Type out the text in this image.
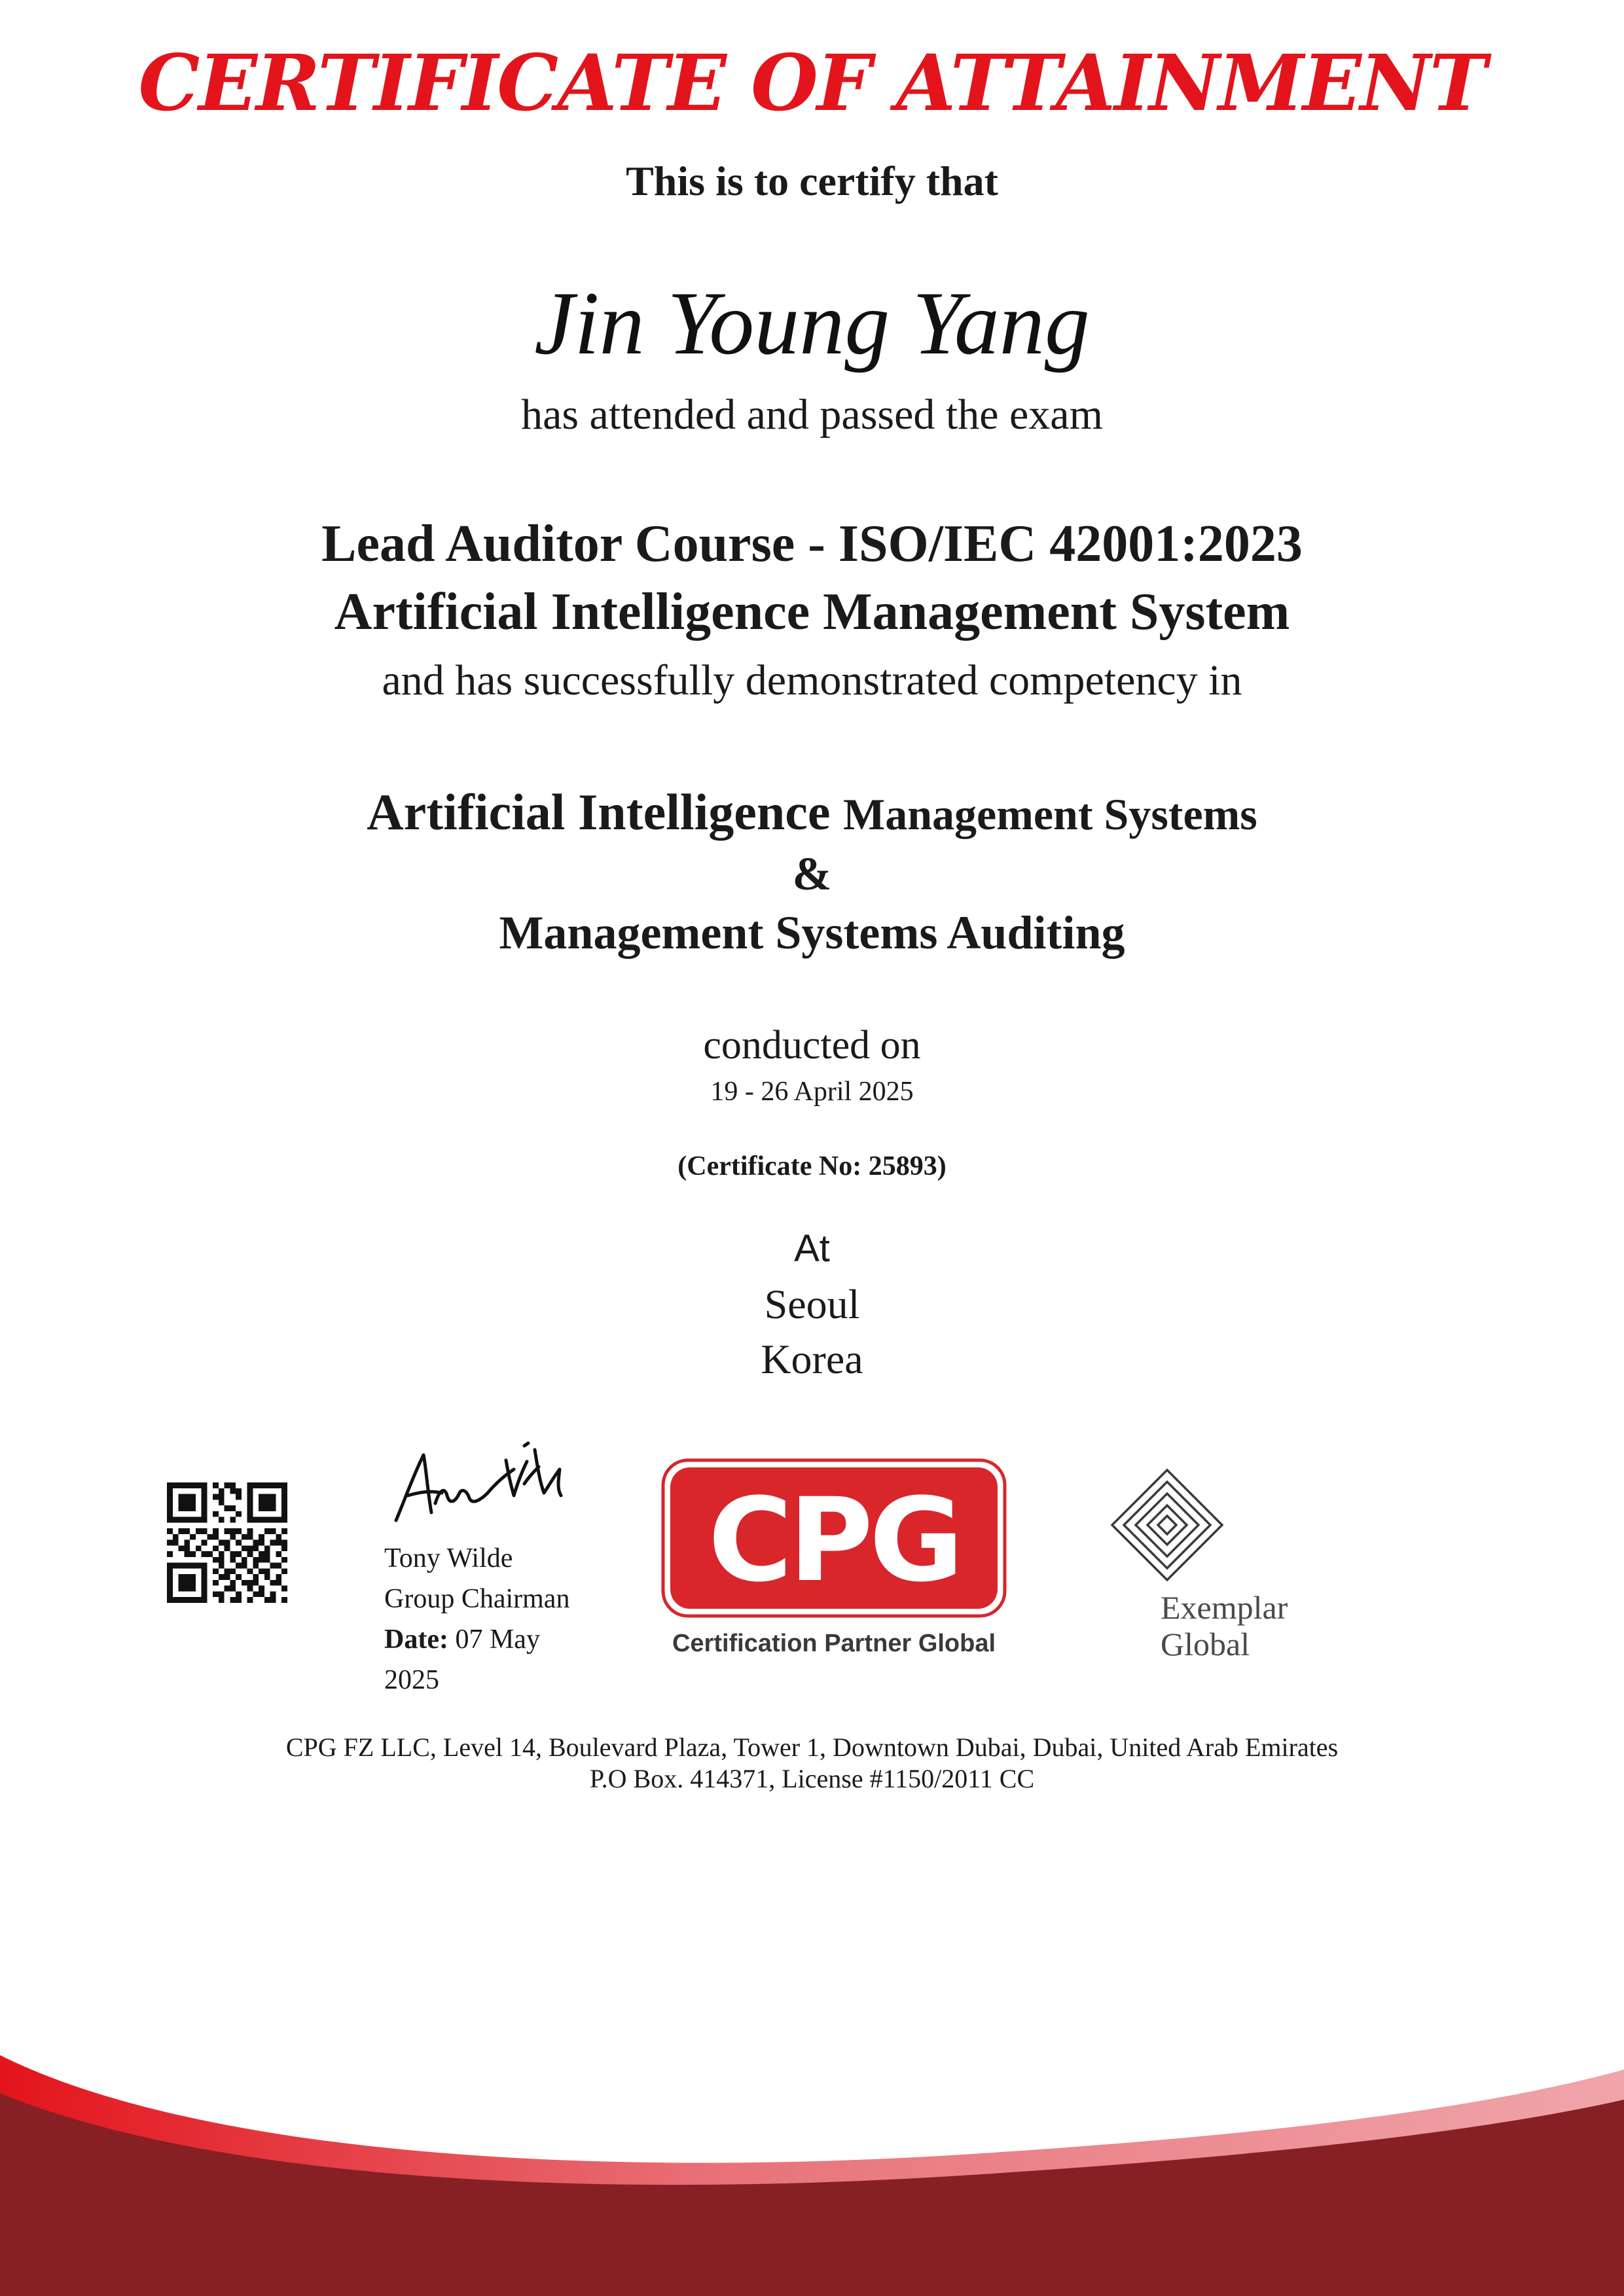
CERTIFICATE OF ATTAINMENT
This is to certify that
Jin Young Yang
has attended and passed the exam
Lead Auditor Course - ISO/IEC 42001:2023
Artificial Intelligence Management System
and has successfully demonstrated competency in
Artificial Intelligence Management Systems
&
Management Systems Auditing
conducted on
19 - 26 April 2025
(Certificate No: 25893)
At
Seoul
Korea
Tony Wilde
Group Chairman
Date: 07 May
2025
CPG
Certification Partner Global
Exemplar
Global
CPG FZ LLC, Level 14, Boulevard Plaza, Tower 1, Downtown Dubai, Dubai, United Arab Emirates
P.O Box. 414371, License #1150/2011 CC
